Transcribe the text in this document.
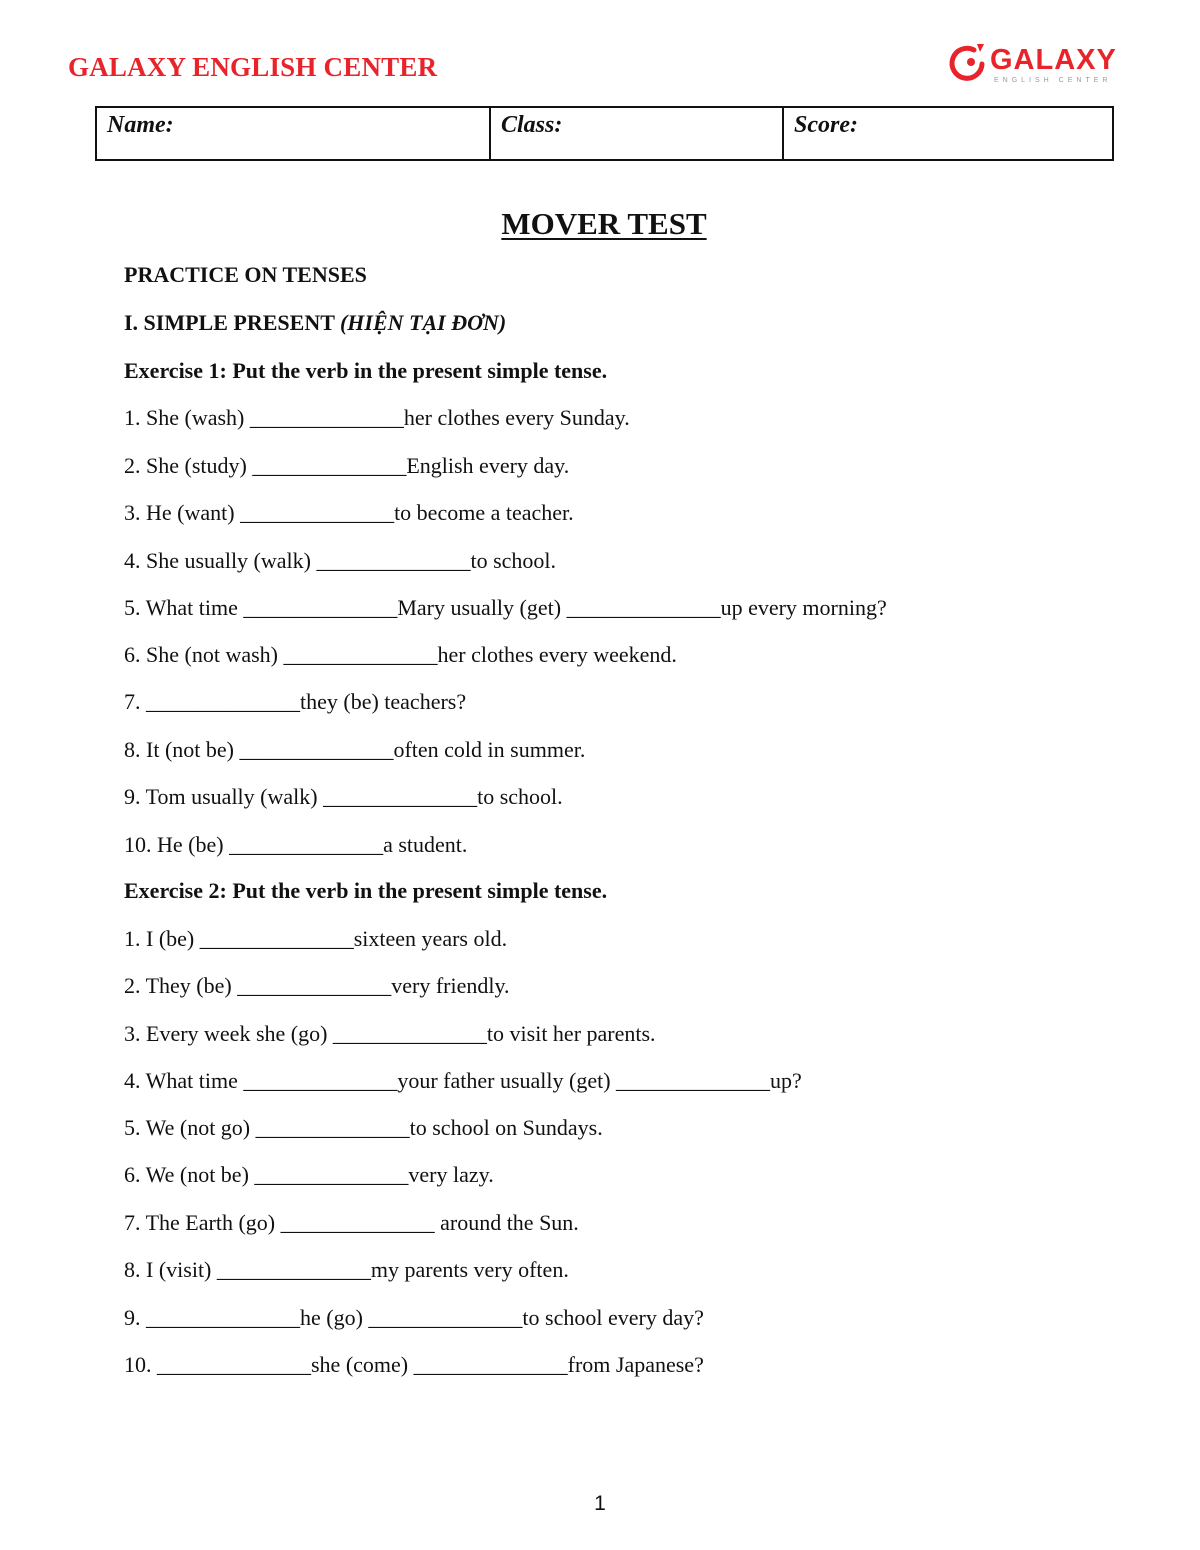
GALAXY ENGLISH CENTER	GALAXY
ENGLISH CENTER
Name:	Class:	Score:
MOVER TEST
PRACTICE ON TENSES
I. SIMPLE PRESENT (HIỆN TẠI ĐƠN)
Exercise 1: Put the verb in the present simple tense.
1. She (wash) ______________her clothes every Sunday.
2. She (study) ______________English every day.
3. He (want) ______________to become a teacher.
4. She usually (walk) ______________to school.
5. What time ______________Mary usually (get) ______________up every morning?
6. She (not wash) ______________her clothes every weekend.
7. ______________they (be) teachers?
8. It (not be) ______________often cold in summer.
9. Tom usually (walk) ______________to school.
10. He (be) ______________a student.
Exercise 2: Put the verb in the present simple tense.
1. I (be) ______________sixteen years old.
2. They (be) ______________very friendly.
3. Every week she (go) ______________to visit her parents.
4. What time ______________your father usually (get) ______________up?
5. We (not go) ______________to school on Sundays.
6. We (not be) ______________very lazy.
7. The Earth (go) ______________ around the Sun.
8. I (visit) ______________my parents very often.
9. ______________he (go) ______________to school every day?
10. ______________she (come) ______________from Japanese?
1
